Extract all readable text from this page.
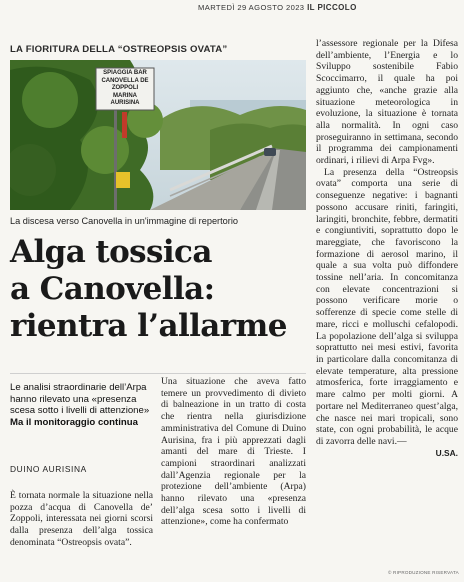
MARTEDÌ 29 AGOSTO 2023 IL PICCOLO
LA FIORITURA DELLA “OSTREOPSIS OVATA”
SPIAGGIA BAR
CANOVELLA DE
ZOPPOLI
MARINA AURISINA
La discesa verso Canovella in un'immagine di repertorio
Alga tossica
a Canovella:
rientra l’allarme
Le analisi straordinarie dell’Arpa hanno rilevato una «presenza scesa sotto i livelli di attenzione»
Ma il monitoraggio continua
DUINO AURISINA

È tornata normale la situazione nella pozza d’acqua di Canovella de’ Zoppoli, interessata nei giorni scorsi dalla presenza dell’alga tossica denominata “Ostreopsis ovata”.

Una situazione che aveva fatto temere un provvedimento di divieto di balneazione in un tratto di costa che rientra nella giurisdizione amministrativa del Comune di Duino Aurisina, fra i più apprezzati dagli amanti del mare di Trieste. I campioni straordinari analizzati dall’Agenzia regionale per la protezione dell’ambiente (Arpa) hanno rilevato una «presenza dell’alga scesa sotto i livelli di attenzione», come ha confermato

l’assessore regionale per la Difesa dell’ambiente, l’Energia e lo Sviluppo sostenibile Fabio Scoccimarro, il quale ha poi aggiunto che, «anche grazie alla situazione meteorologica in evoluzione, la situazione è tornata alla normalità. In ogni caso proseguiranno in settimana, secondo il programma dei campionamenti ordinari, i rilievi di Arpa Fvg».

La presenza della “Ostreopsis ovata” comporta una serie di conseguenze negative: i bagnanti possono accusare riniti, faringiti, laringiti, bronchite, febbre, dermatiti e congiuntiviti, soprattutto dopo le mareggiate, che favoriscono la formazione di aerosol marino, il quale a sua volta può diffondere tossine nell’aria. In concomitanza con elevate concentrazioni si possono verificare morie o sofferenze di specie come stelle di mare, ricci e molluschi cefalopodi. La popolazione dell’alga si sviluppa soprattutto nei mesi estivi, favorita in particolare dalla concomitanza di elevate temperature, alta pressione atmosferica, forte irraggiamento e mare calmo per molti giorni. A portare nel Mediterraneo quest’alga, che nasce nei mari tropicali, sono state, con ogni probabilità, le acque di zavorra delle navi.—

U.SA.
© RIPRODUZIONE RISERVATA
